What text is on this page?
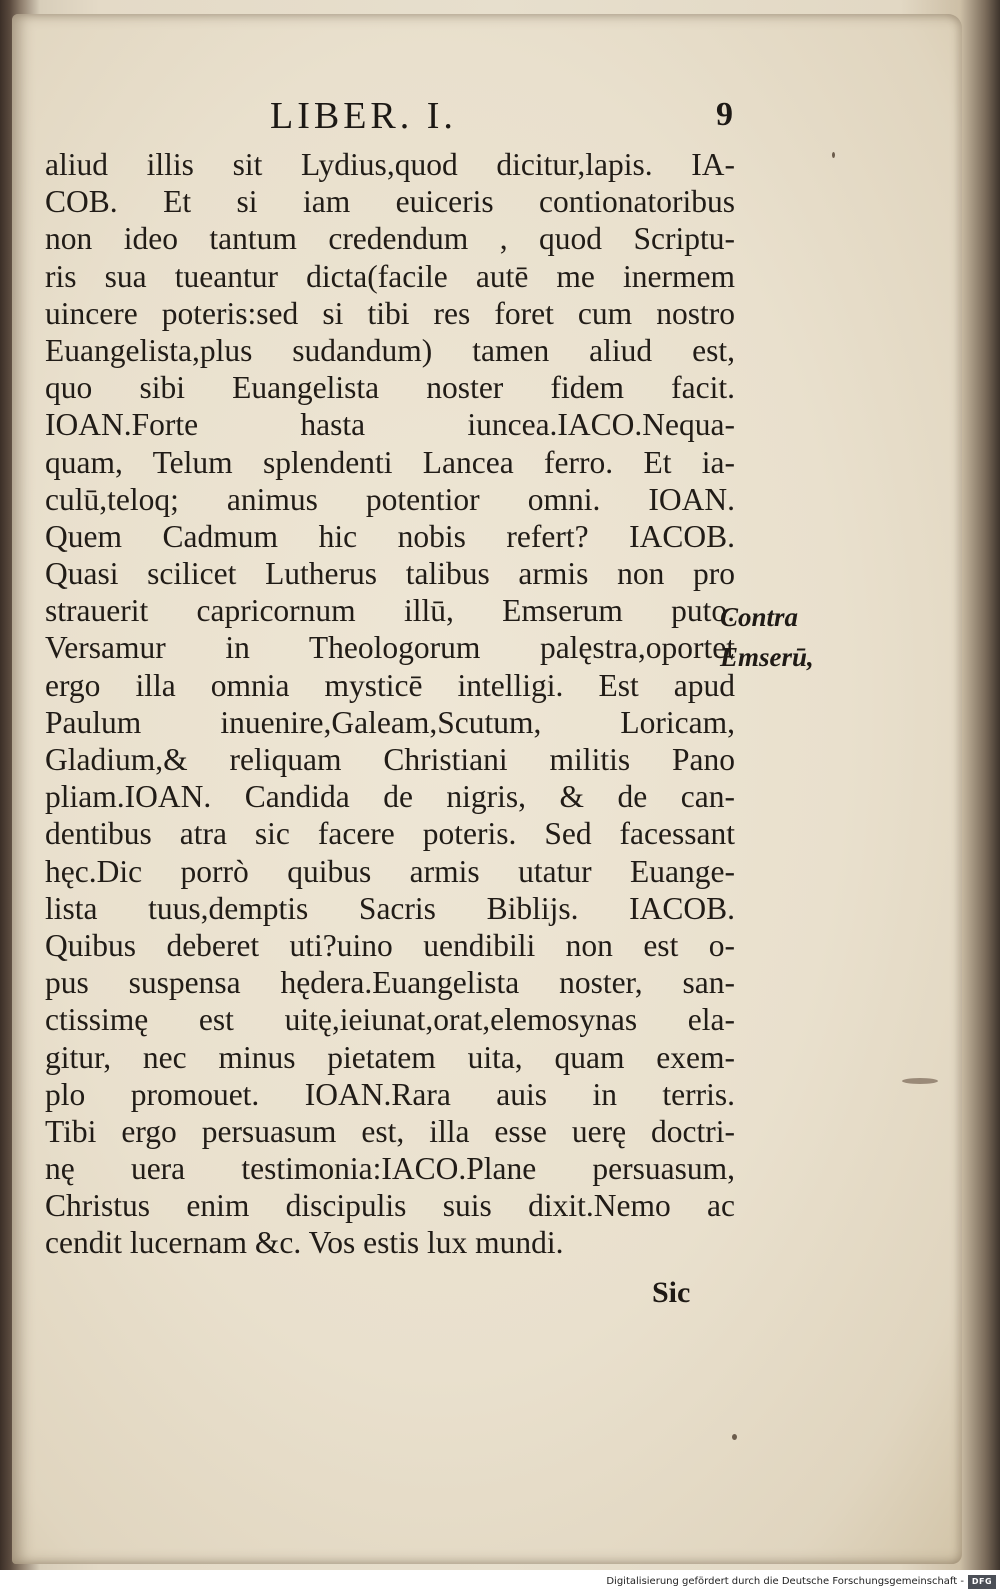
LIBER. I.	9
aliud illis sit Lydius,quod dicitur,lapis. IA-
COB. Et si iam euiceris contionatoribus
non ideo tantum credendum , quod Scriptu-
ris sua tueantur dicta(facile autē me inermem
uincere poteris:sed si tibi res foret cum nostro
Euangelista,plus sudandum) tamen aliud est,
quo sibi Euangelista noster fidem facit.
IOAN.Forte hasta iuncea.IACO.Nequa-
quam, Telum splendenti Lancea ferro. Et ia-
culū,teloq; animus potentior omni. IOAN.
Quem Cadmum hic nobis refert? IACOB.
Quasi scilicet Lutherus talibus armis non pro
strauerit capricornum illū, Emserum puto.
Versamur in Theologorum palęstra,oportet
ergo illa omnia mysticē intelligi. Est apud
Paulum inuenire,Galeam,Scutum, Loricam,
Gladium,& reliquam Christiani militis Pano
pliam.IOAN. Candida de nigris, & de can-
dentibus atra sic facere poteris. Sed facessant
hęc.Dic porrò quibus armis utatur Euange-
lista tuus,demptis Sacris Biblijs. IACOB.
Quibus deberet uti?uino uendibili non est o-
pus suspensa hędera.Euangelista noster, san-
ctissimę est uitę,ieiunat,orat,elemosynas ela-
gitur, nec minus pietatem uita, quam exem-
plo promouet. IOAN.Rara auis in terris.
Tibi ergo persuasum est, illa esse uerę doctri-
nę uera testimonia:IACO.Plane persuasum,
Christus enim discipulis suis dixit.Nemo ac
cendit lucernam &c. Vos estis lux mundi.
Contra
Emserū,
Sic
Digitalisierung gefördert durch die Deutsche Forschungsgemeinschaft - DFG
